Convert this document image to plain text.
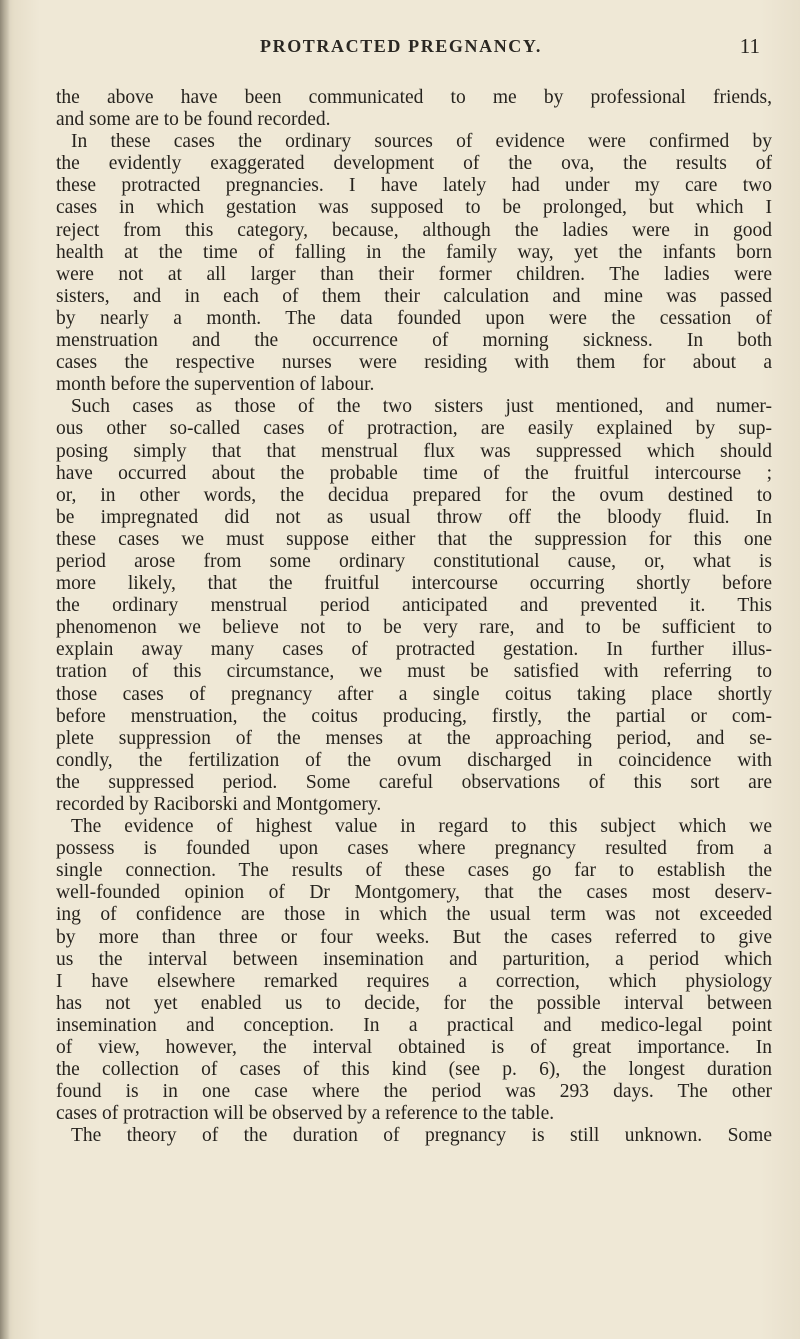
PROTRACTED PREGNANCY.	11

the above have been communicated to me by professional friends,
and some are to be found recorded.

In these cases the ordinary sources of evidence were confirmed by
the evidently exaggerated development of the ova, the results of
these protracted pregnancies. I have lately had under my care two
cases in which gestation was supposed to be prolonged, but which I
reject from this category, because, although the ladies were in good
health at the time of falling in the family way, yet the infants born
were not at all larger than their former children. The ladies were
sisters, and in each of them their calculation and mine was passed
by nearly a month. The data founded upon were the cessation of
menstruation and the occurrence of morning sickness. In both
cases the respective nurses were residing with them for about a
month before the supervention of labour.

Such cases as those of the two sisters just mentioned, and numer-
ous other so-called cases of protraction, are easily explained by sup-
posing simply that that menstrual flux was suppressed which should
have occurred about the probable time of the fruitful intercourse ;
or, in other words, the decidua prepared for the ovum destined to
be impregnated did not as usual throw off the bloody fluid. In
these cases we must suppose either that the suppression for this one
period arose from some ordinary constitutional cause, or, what is
more likely, that the fruitful intercourse occurring shortly before
the ordinary menstrual period anticipated and prevented it. This
phenomenon we believe not to be very rare, and to be sufficient to
explain away many cases of protracted gestation. In further illus-
tration of this circumstance, we must be satisfied with referring to
those cases of pregnancy after a single coitus taking place shortly
before menstruation, the coitus producing, firstly, the partial or com-
plete suppression of the menses at the approaching period, and se-
condly, the fertilization of the ovum discharged in coincidence with
the suppressed period. Some careful observations of this sort are
recorded by Raciborski and Montgomery.

The evidence of highest value in regard to this subject which we
possess is founded upon cases where pregnancy resulted from a
single connection. The results of these cases go far to establish the
well-founded opinion of Dr Montgomery, that the cases most deserv-
ing of confidence are those in which the usual term was not exceeded
by more than three or four weeks. But the cases referred to give
us the interval between insemination and parturition, a period which
I have elsewhere remarked requires a correction, which physiology
has not yet enabled us to decide, for the possible interval between
insemination and conception. In a practical and medico-legal point
of view, however, the interval obtained is of great importance. In
the collection of cases of this kind (see p. 6), the longest duration
found is in one case where the period was 293 days. The other
cases of protraction will be observed by a reference to the table.

The theory of the duration of pregnancy is still unknown. Some
